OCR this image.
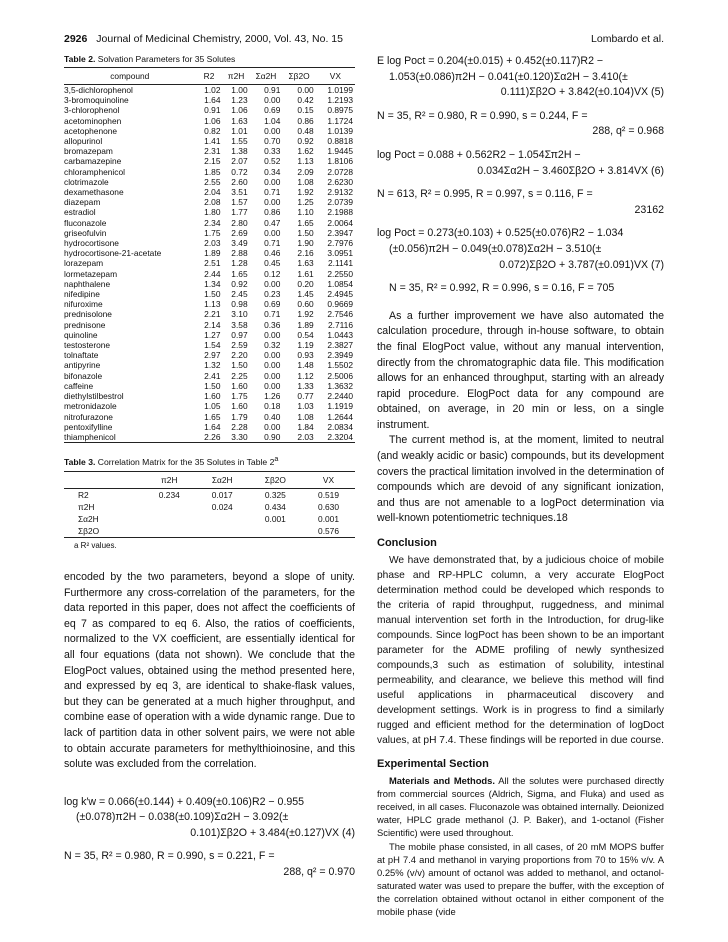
2926 Journal of Medicinal Chemistry, 2000, Vol. 43, No. 15	Lombardo et al.
Table 2. Solvation Parameters for 35 Solutes
compound	R2	π2H	Σα2H	Σβ2O	VX
3,5-dichlorophenol	1.02	1.00	0.91	0.00	1.0199
3-bromoquinoline	1.64	1.23	0.00	0.42	1.2193
3-chlorophenol	0.91	1.06	0.69	0.15	0.8975
acetominophen	1.06	1.63	1.04	0.86	1.1724
acetophenone	0.82	1.01	0.00	0.48	1.0139
allopurinol	1.41	1.55	0.70	0.92	0.8818
bromazepam	2.31	1.38	0.33	1.62	1.9445
carbamazepine	2.15	2.07	0.52	1.13	1.8106
chloramphenicol	1.85	0.72	0.34	2.09	2.0728
clotrimazole	2.55	2.60	0.00	1.08	2.6230
dexamethasone	2.04	3.51	0.71	1.92	2.9132
diazepam	2.08	1.57	0.00	1.25	2.0739
estradiol	1.80	1.77	0.86	1.10	2.1988
fluconazole	2.34	2.80	0.47	1.65	2.0064
griseofulvin	1.75	2.69	0.00	1.50	2.3947
hydrocortisone	2.03	3.49	0.71	1.90	2.7976
hydrocortisone-21-acetate	1.89	2.88	0.46	2.16	3.0951
lorazepam	2.51	1.28	0.45	1.63	2.1141
lormetazepam	2.44	1.65	0.12	1.61	2.2550
naphthalene	1.34	0.92	0.00	0.20	1.0854
nifedipine	1.50	2.45	0.23	1.45	2.4945
nifuroxime	1.13	0.98	0.69	0.60	0.9669
prednisolone	2.21	3.10	0.71	1.92	2.7546
prednisone	2.14	3.58	0.36	1.89	2.7116
quinoline	1.27	0.97	0.00	0.54	1.0443
testosterone	1.54	2.59	0.32	1.19	2.3827
tolnaftate	2.97	2.20	0.00	0.93	2.3949
antipyrine	1.32	1.50	0.00	1.48	1.5502
bifonazole	2.41	2.25	0.00	1.12	2.5006
caffeine	1.50	1.60	0.00	1.33	1.3632
diethylstilbestrol	1.60	1.75	1.26	0.77	2.2440
metronidazole	1.05	1.60	0.18	1.03	1.1919
nitrofurazone	1.65	1.79	0.40	1.08	1.2644
pentoxifylline	1.64	2.28	0.00	1.84	2.0834
thiamphenicol	2.26	3.30	0.90	2.03	2.3204
Table 3. Correlation Matrix for the 35 Solutes in Table 2$^a$
	π2H	Σα2H	Σβ2O	VX
R2	0.234	0.017	0.325	0.519
π2H		0.024	0.434	0.630
Σα2H			0.001	0.001
Σβ2O				0.576
a R² values.

encoded by the two parameters, beyond a slope of unity. Furthermore any cross-correlation of the parameters, for the data reported in this paper, does not affect the coefficients of eq 7 as compared to eq 6. Also, the ratios of coefficients, normalized to the VX coefficient, are essentially identical for all four equations (data not shown). We conclude that the ElogPoct values, obtained using the method presented here, and expressed by eq 3, are identical to shake-flask values, but they can be generated at a much higher throughput, and combine ease of operation with a wide dynamic range. Due to lack of partition data in other solvent pairs, we were not able to obtain accurate parameters for methylthioinosine, and this solute was excluded from the correlation.

log k′w = 0.066(±0.144) + 0.409(±0.106)R2 − 0.955
(±0.078)π2H − 0.038(±0.109)Σα2H − 3.092(±
0.101)Σβ2O + 3.484(±0.127)VX (4)
N = 35, R² = 0.980, R = 0.990, s = 0.221, F =
288, q² = 0.970
E log Poct = 0.204(±0.015) + 0.452(±0.117)R2 −
1.053(±0.086)π2H − 0.041(±0.120)Σα2H − 3.410(±
0.111)Σβ2O + 3.842(±0.104)VX (5)
N = 35, R² = 0.980, R = 0.990, s = 0.244, F =
288, q² = 0.968
log Poct = 0.088 + 0.562R2 − 1.054Σπ2H −
0.034Σα2H − 3.460Σβ2O + 3.814VX (6)
N = 613, R² = 0.995, R = 0.997, s = 0.116, F =
23162
log Poct = 0.273(±0.103) + 0.525(±0.076)R2 − 1.034
(±0.056)π2H − 0.049(±0.078)Σα2H − 3.510(±
0.072)Σβ2O + 3.787(±0.091)VX (7)
N = 35, R² = 0.992, R = 0.996, s = 0.16, F = 705

As a further improvement we have also automated the calculation procedure, through in-house software, to obtain the final ElogPoct value, without any manual intervention, directly from the chromatographic data file. This modification allows for an enhanced throughput, starting with an already rapid procedure. ElogPoct data for any compound are obtained, on average, in 20 min or less, on a single instrument.

The current method is, at the moment, limited to neutral (and weakly acidic or basic) compounds, but its development covers the practical limitation involved in the determination of compounds which are devoid of any significant ionization, and thus are not amenable to a logPoct determination via well-known potentiometric techniques.18

Conclusion

We have demonstrated that, by a judicious choice of mobile phase and RP-HPLC column, a very accurate ElogPoct determination method could be developed which responds to the criteria of rapid throughput, ruggedness, and minimal manual intervention set forth in the Introduction, for drug-like compounds. Since logPoct has been shown to be an important parameter for the ADME profiling of newly synthesized compounds,3 such as estimation of solubility, intestinal permeability, and clearance, we believe this method will find useful applications in pharmaceutical discovery and development settings. Work is in progress to find a similarly rugged and efficient method for the determination of logDoct values, at pH 7.4. These findings will be reported in due course.

Experimental Section

Materials and Methods. All the solutes were purchased directly from commercial sources (Aldrich, Sigma, and Fluka) and used as received, in all cases. Fluconazole was obtained internally. Deionized water, HPLC grade methanol (J. P. Baker), and 1-octanol (Fisher Scientific) were used throughout.

The mobile phase consisted, in all cases, of 20 mM MOPS buffer at pH 7.4 and methanol in varying proportions from 70 to 15% v/v. A 0.25% (v/v) amount of octanol was added to methanol, and octanol-saturated water was used to prepare the buffer, with the exception of the correlation obtained without octanol in either component of the mobile phase (vide
